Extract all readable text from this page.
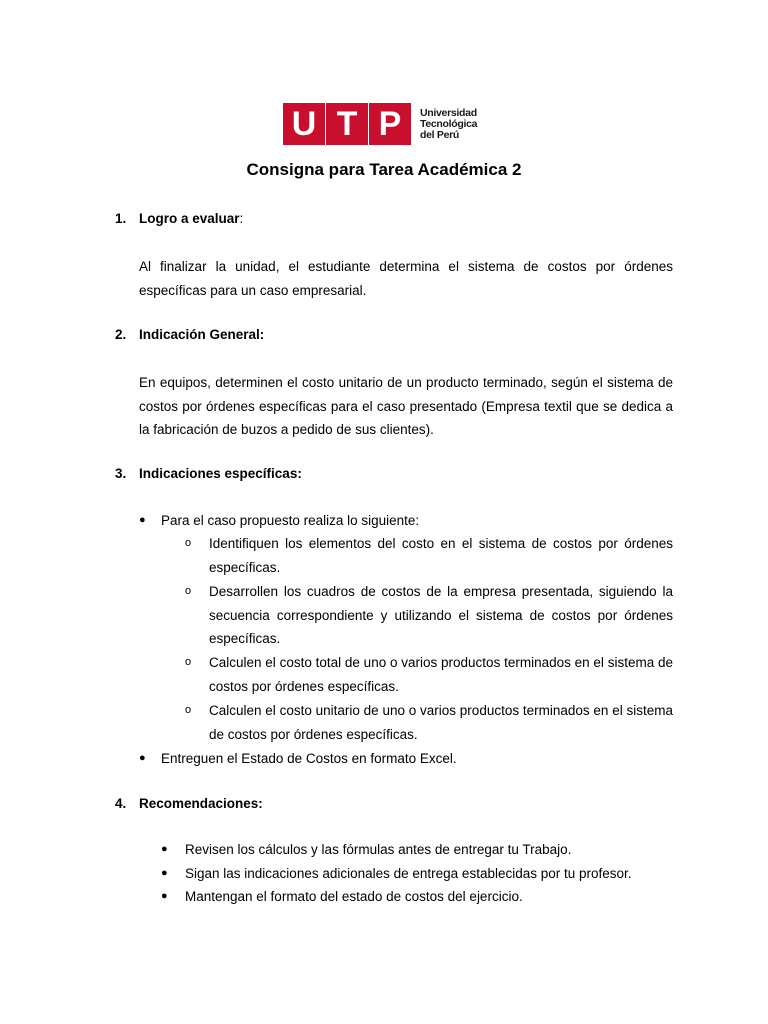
U T P	Universidad
Tecnológica
del Perú
Consigna para Tarea Académica 2
1. Logro a evaluar :
Al finalizar la unidad, el estudiante determina el sistema de costos por órdenes específicas para un caso empresarial.
2. Indicación General:
En equipos, determinen el costo unitario de un producto terminado, según el sistema de costos por órdenes específicas para el caso presentado (Empresa textil que se dedica a la fabricación de buzos a pedido de sus clientes).
3. Indicaciones específicas:
●	Para el caso propuesto realiza lo siguiente:
o	Identifiquen los elementos del costo en el sistema de costos por órdenes específicas.
o	Desarrollen los cuadros de costos de la empresa presentada, siguiendo la secuencia correspondiente y utilizando el sistema de costos por órdenes específicas.
o	Calculen el costo total de uno o varios productos terminados en el sistema de costos por órdenes específicas.
o	Calculen el costo unitario de uno o varios productos terminados en el sistema de costos por órdenes específicas.
●	Entreguen el Estado de Costos en formato Excel.
4. Recomendaciones:
●	Revisen los cálculos y las fórmulas antes de entregar tu Trabajo.
●	Sigan las indicaciones adicionales de entrega establecidas por tu profesor.
●	Mantengan el formato del estado de costos del ejercicio.
